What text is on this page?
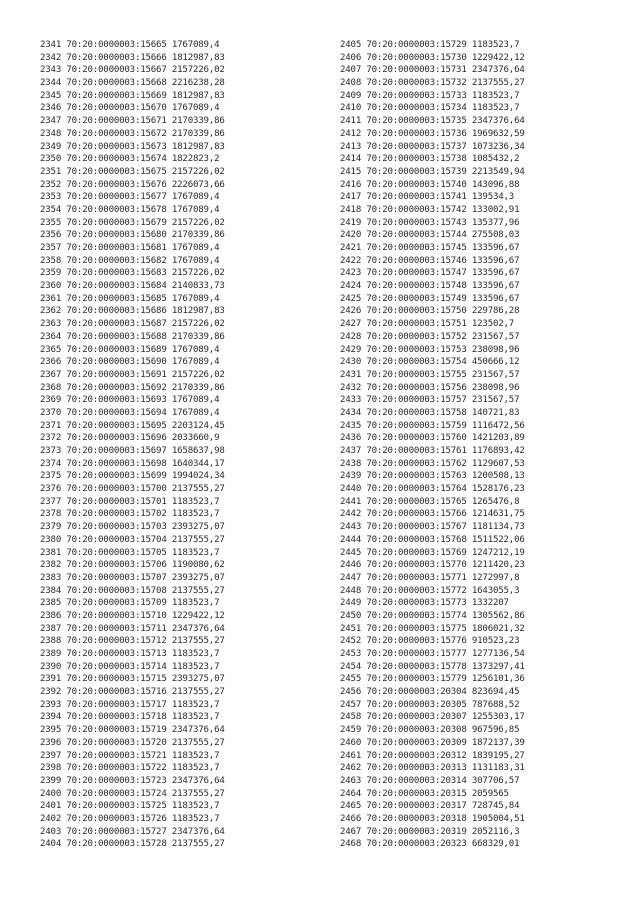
2341 70:20:0000003:15665 1767089,4
2342 70:20:0000003:15666 1812987,83
2343 70:20:0000003:15667 2157226,02
2344 70:20:0000003:15668 2216238,28
2345 70:20:0000003:15669 1812987,83
2346 70:20:0000003:15670 1767089,4
2347 70:20:0000003:15671 2170339,86
2348 70:20:0000003:15672 2170339,86
2349 70:20:0000003:15673 1812987,83
2350 70:20:0000003:15674 1822823,2
2351 70:20:0000003:15675 2157226,02
2352 70:20:0000003:15676 2226073,66
2353 70:20:0000003:15677 1767089,4
2354 70:20:0000003:15678 1767089,4
2355 70:20:0000003:15679 2157226,02
2356 70:20:0000003:15680 2170339,86
2357 70:20:0000003:15681 1767089,4
2358 70:20:0000003:15682 1767089,4
2359 70:20:0000003:15683 2157226,02
2360 70:20:0000003:15684 2140833,73
2361 70:20:0000003:15685 1767089,4
2362 70:20:0000003:15686 1812987,83
2363 70:20:0000003:15687 2157226,02
2364 70:20:0000003:15688 2170339,86
2365 70:20:0000003:15689 1767089,4
2366 70:20:0000003:15690 1767089,4
2367 70:20:0000003:15691 2157226,02
2368 70:20:0000003:15692 2170339,86
2369 70:20:0000003:15693 1767089,4
2370 70:20:0000003:15694 1767089,4
2371 70:20:0000003:15695 2203124,45
2372 70:20:0000003:15696 2033660,9
2373 70:20:0000003:15697 1658637,98
2374 70:20:0000003:15698 1640344,17
2375 70:20:0000003:15699 1994024,34
2376 70:20:0000003:15700 2137555,27
2377 70:20:0000003:15701 1183523,7
2378 70:20:0000003:15702 1183523,7
2379 70:20:0000003:15703 2393275,07
2380 70:20:0000003:15704 2137555,27
2381 70:20:0000003:15705 1183523,7
2382 70:20:0000003:15706 1190080,62
2383 70:20:0000003:15707 2393275,07
2384 70:20:0000003:15708 2137555,27
2385 70:20:0000003:15709 1183523,7
2386 70:20:0000003:15710 1229422,12
2387 70:20:0000003:15711 2347376,64
2388 70:20:0000003:15712 2137555,27
2389 70:20:0000003:15713 1183523,7
2390 70:20:0000003:15714 1183523,7
2391 70:20:0000003:15715 2393275,07
2392 70:20:0000003:15716 2137555,27
2393 70:20:0000003:15717 1183523,7
2394 70:20:0000003:15718 1183523,7
2395 70:20:0000003:15719 2347376,64
2396 70:20:0000003:15720 2137555,27
2397 70:20:0000003:15721 1183523,7
2398 70:20:0000003:15722 1183523,7
2399 70:20:0000003:15723 2347376,64
2400 70:20:0000003:15724 2137555,27
2401 70:20:0000003:15725 1183523,7
2402 70:20:0000003:15726 1183523,7
2403 70:20:0000003:15727 2347376,64
2404 70:20:0000003:15728 2137555,27
2405 70:20:0000003:15729 1183523,7
2406 70:20:0000003:15730 1229422,12
2407 70:20:0000003:15731 2347376,64
2408 70:20:0000003:15732 2137555,27
2409 70:20:0000003:15733 1183523,7
2410 70:20:0000003:15734 1183523,7
2411 70:20:0000003:15735 2347376,64
2412 70:20:0000003:15736 1969632,59
2413 70:20:0000003:15737 1073236,34
2414 70:20:0000003:15738 1085432,2
2415 70:20:0000003:15739 2213549,94
2416 70:20:0000003:15740 143096,88
2417 70:20:0000003:15741 139534,3
2418 70:20:0000003:15742 133002,91
2419 70:20:0000003:15743 135377,96
2420 70:20:0000003:15744 275508,03
2421 70:20:0000003:15745 133596,67
2422 70:20:0000003:15746 133596,67
2423 70:20:0000003:15747 133596,67
2424 70:20:0000003:15748 133596,67
2425 70:20:0000003:15749 133596,67
2426 70:20:0000003:15750 229786,28
2427 70:20:0000003:15751 123502,7
2428 70:20:0000003:15752 231567,57
2429 70:20:0000003:15753 238098,96
2430 70:20:0000003:15754 450666,12
2431 70:20:0000003:15755 231567,57
2432 70:20:0000003:15756 238098,96
2433 70:20:0000003:15757 231567,57
2434 70:20:0000003:15758 140721,83
2435 70:20:0000003:15759 1116472,56
2436 70:20:0000003:15760 1421203,89
2437 70:20:0000003:15761 1176893,42
2438 70:20:0000003:15762 1129607,53
2439 70:20:0000003:15763 1200508,13
2440 70:20:0000003:15764 1528176,23
2441 70:20:0000003:15765 1265476,8
2442 70:20:0000003:15766 1214631,75
2443 70:20:0000003:15767 1181134,73
2444 70:20:0000003:15768 1511522,06
2445 70:20:0000003:15769 1247212,19
2446 70:20:0000003:15770 1211420,23
2447 70:20:0000003:15771 1272997,8
2448 70:20:0000003:15772 1643055,3
2449 70:20:0000003:15773 1332207
2450 70:20:0000003:15774 1305562,86
2451 70:20:0000003:15775 1806021,32
2452 70:20:0000003:15776 910523,23
2453 70:20:0000003:15777 1277136,54
2454 70:20:0000003:15778 1373297,41
2455 70:20:0000003:15779 1256101,36
2456 70:20:0000003:20304 823694,45
2457 70:20:0000003:20305 787688,52
2458 70:20:0000003:20307 1255303,17
2459 70:20:0000003:20308 967596,85
2460 70:20:0000003:20309 1872137,39
2461 70:20:0000003:20312 1839195,27
2462 70:20:0000003:20313 1131183,31
2463 70:20:0000003:20314 307706,57
2464 70:20:0000003:20315 2059565
2465 70:20:0000003:20317 728745,84
2466 70:20:0000003:20318 1905004,51
2467 70:20:0000003:20319 2052116,3
2468 70:20:0000003:20323 668329,01
